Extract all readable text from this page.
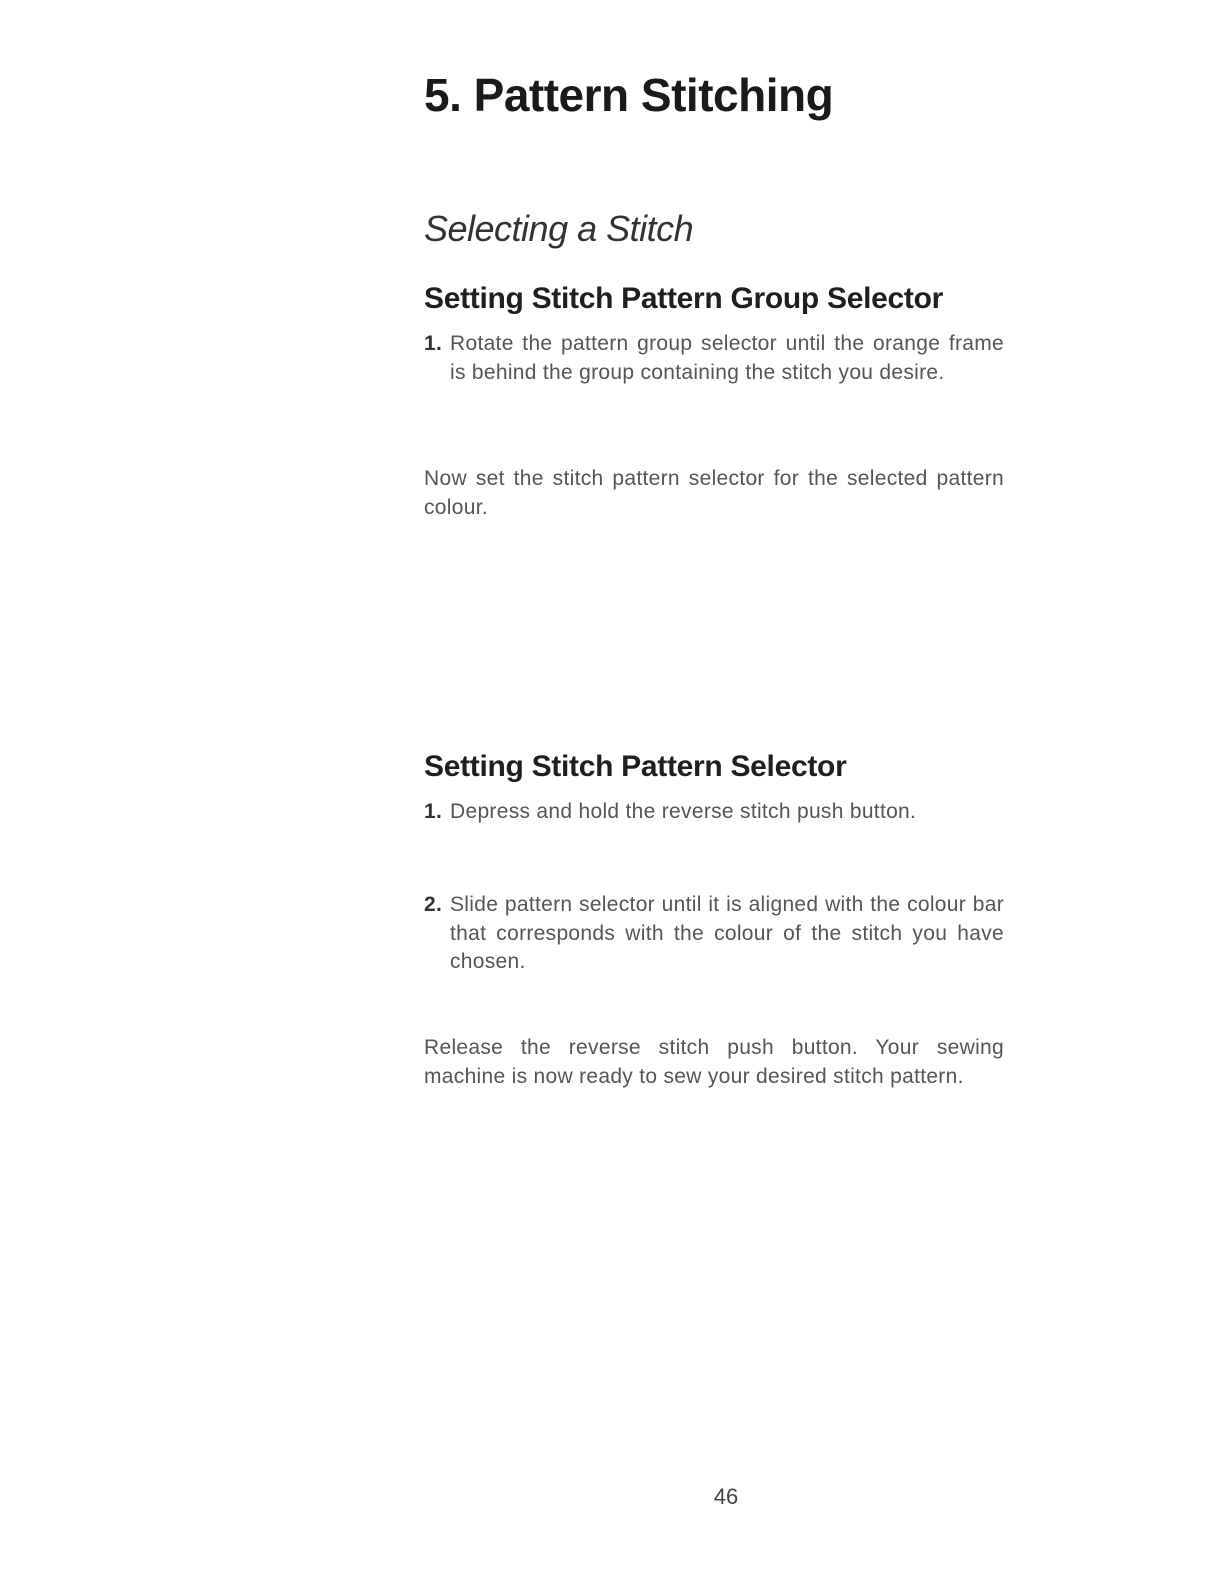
5. Pattern Stitching
Selecting a Stitch
Setting Stitch Pattern Group Selector
1. Rotate the pattern group selector until the orange frame is behind the group containing the stitch you desire.

Now set the stitch pattern selector for the selected pattern colour.

Setting Stitch Pattern Selector
1. Depress and hold the reverse stitch push button.
2. Slide pattern selector until it is aligned with the colour bar that corresponds with the colour of the stitch you have chosen.

Release the reverse stitch push button. Your sewing machine is now ready to sew your desired stitch pattern.

46
